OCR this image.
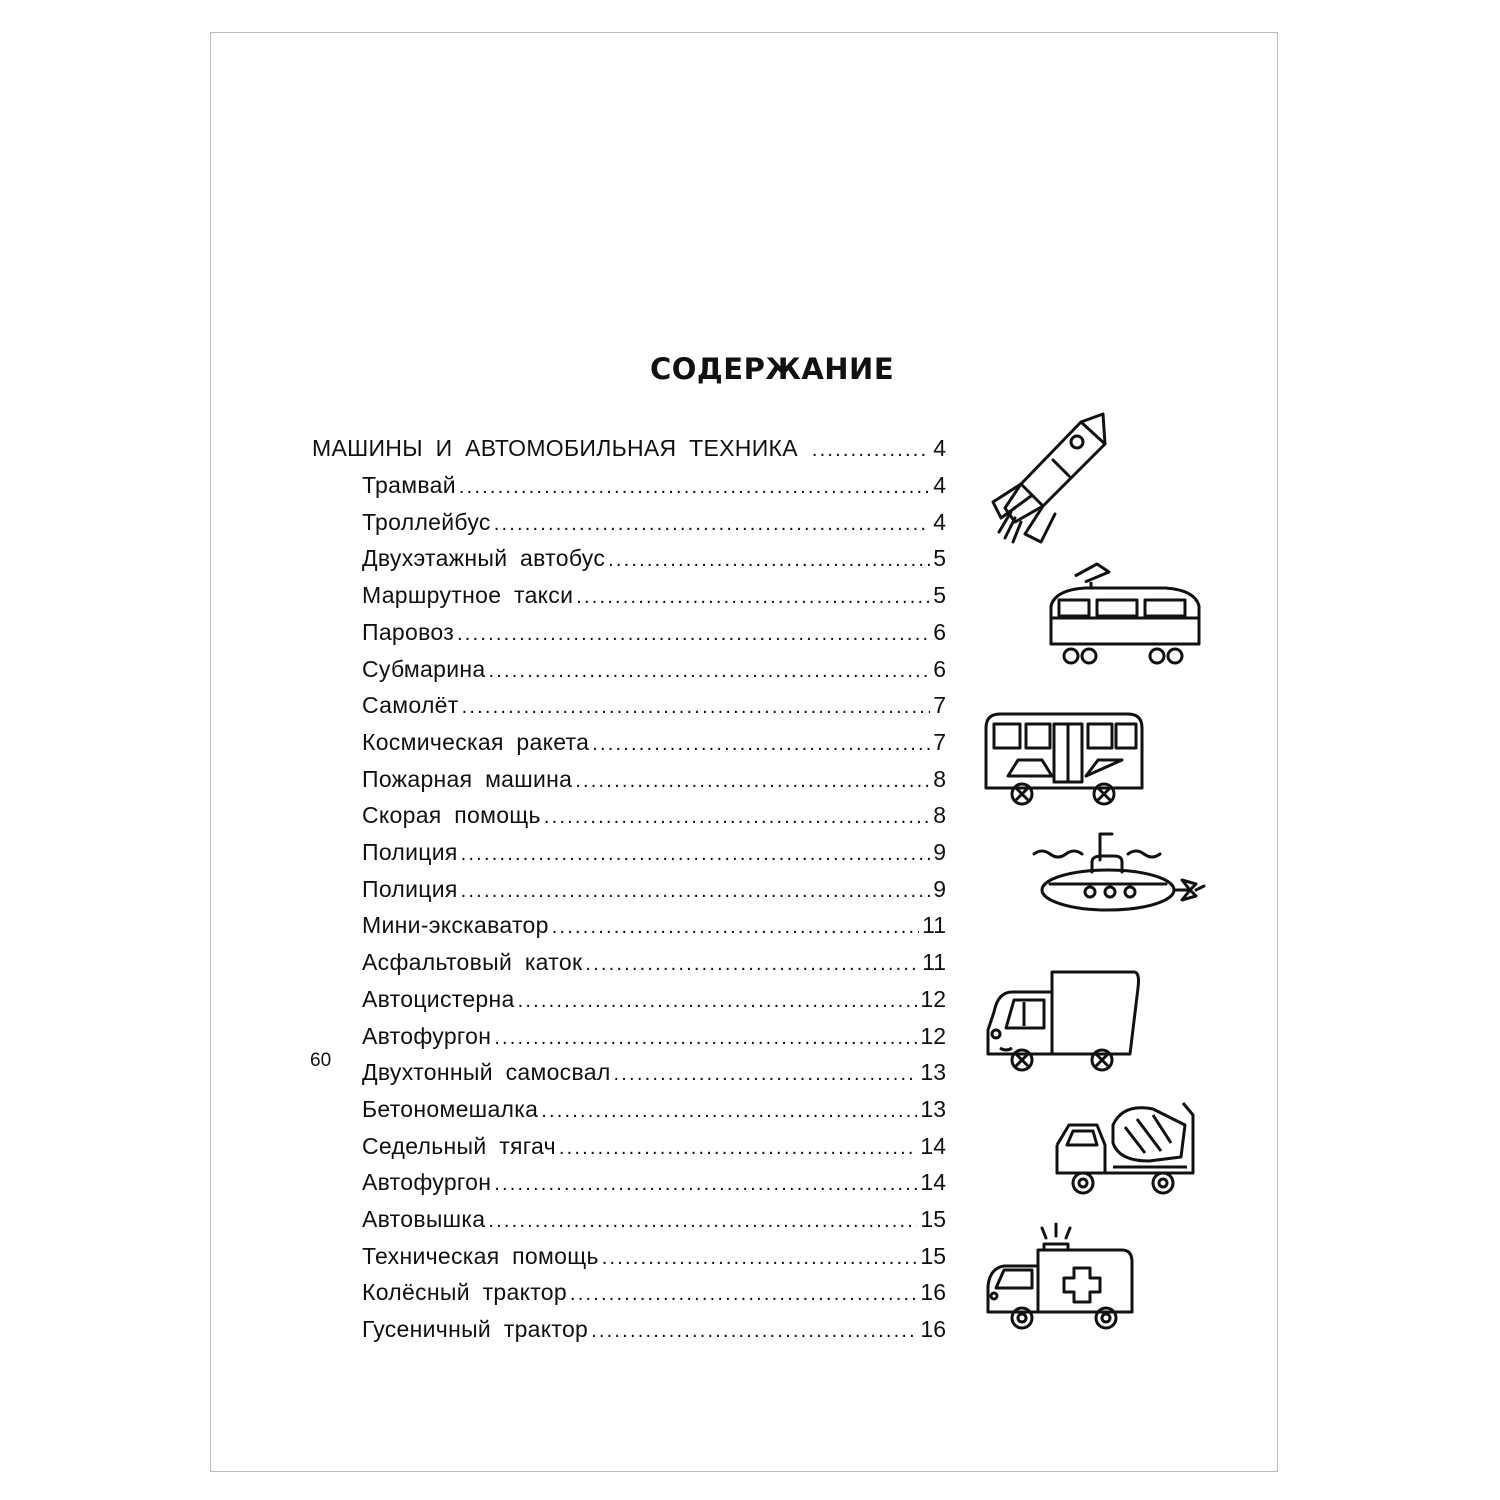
СОДЕРЖАНИЕ
МАШИНЫ И АВТОМОБИЛЬНАЯ ТЕХНИКА .....	4
Трамвай .....	4
Троллейбус .....	4
Двухэтажный автобус .....	5
Маршрутное такси .....	5
Паровоз .....	6
Субмарина .....	6
Самолёт .....	7
Космическая ракета .....	7
Пожарная машина .....	8
Скорая помощь .....	8
Полиция .....	9
Полиция .....	9
Мини-экскаватор .....	11
Асфальтовый каток .....	11
Автоцистерна .....	12
Автофургон .....	12
Двухтонный самосвал .....	13
Бетономешалка .....	13
Седельный тягач .....	14
Автофургон .....	14
Автовышка .....	15
Техническая помощь .....	15
Колёсный трактор .....	16
Гусеничный трактор .....	16
60
